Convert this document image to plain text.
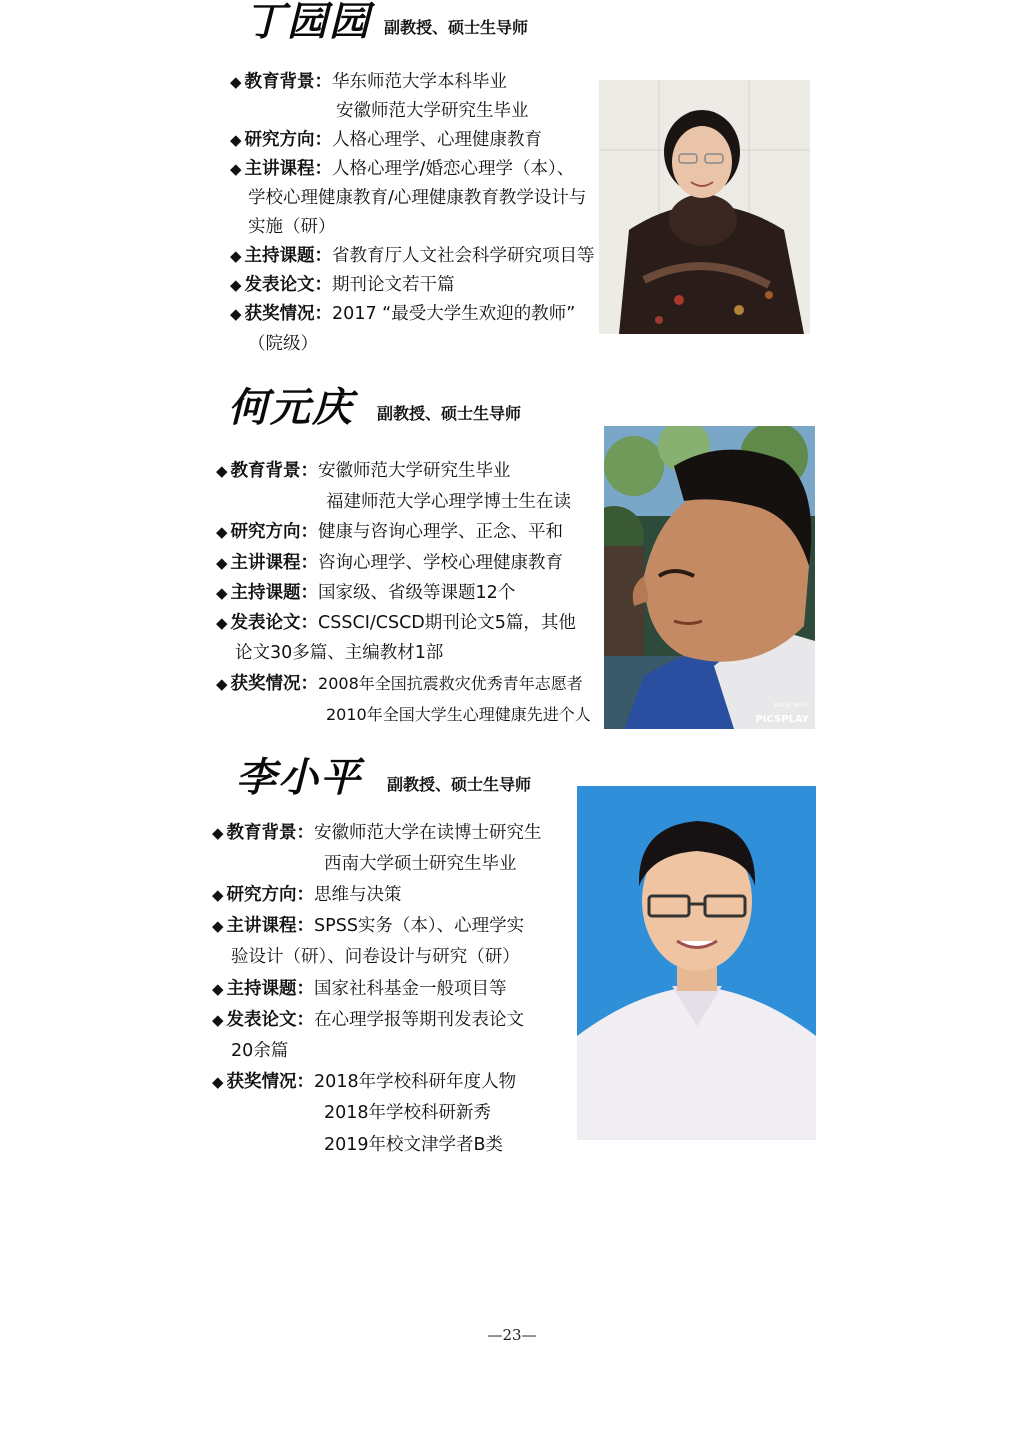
丁园园 副教授、硕士生导师
◆ 教育背景：华东师范大学本科毕业
安徽师范大学研究生毕业
◆ 研究方向：人格心理学、心理健康教育
◆ 主讲课程：人格心理学/婚恋心理学（本）、
学校心理健康教育/心理健康教育教学设计与
实施（研）
◆ 主持课题：省教育厅人文社会科学研究项目等
◆ 发表论文：期刊论文若干篇
◆ 获奖情况：2017 “最受大学生欢迎的教师”
（院级）
何元庆 副教授、硕士生导师
◆ 教育背景：安徽师范大学研究生毕业
福建师范大学心理学博士生在读
◆ 研究方向：健康与咨询心理学、正念、平和
◆ 主讲课程：咨询心理学、学校心理健康教育
◆ 主持课题：国家级、省级等课题12个
◆ 发表论文：CSSCI/CSCD期刊论文5篇，其他
论文30多篇、主编教材1部
◆ 获奖情况：2008年全国抗震救灾优秀青年志愿者
2010年全国大学生心理健康先进个人	MADE WITH
PICSPLAY
李小平 副教授、硕士生导师
◆ 教育背景：安徽师范大学在读博士研究生
西南大学硕士研究生毕业
◆ 研究方向：思维与决策
◆ 主讲课程：SPSS实务（本）、心理学实
验设计（研）、问卷设计与研究（研）
◆ 主持课题：国家社科基金一般项目等
◆ 发表论文：在心理学报等期刊发表论文
20余篇
◆ 获奖情况：2018年学校科研年度人物
2018年学校科研新秀
2019年校文津学者B类
—23—
